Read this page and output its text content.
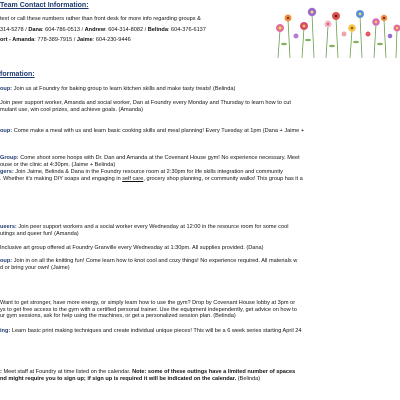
Team Contact Information:
text or call these numbers rather than front desk for more info regarding groups &
314-5278 / Dana: 604-786-0513 / Andrew: 604-314-8082 / Belinda: 604-376-6137
ort - Amanda: 778-389-7915 / Jaime: 604-230-9446
formation:
oup: Join us at Foundry for baking group to learn kitchen skills and make tasty treats! (Belinda)
Join peer support worker, Amanda and social worker, Dan at Foundry every Monday and Thursday to learn how to cut
mulant use, win cool prizes, and achieve goals. (Amanda)
oup: Come make a meal with us and learn basic cooking skills and meal planning! Every Tuesday at 1pm (Dana + Jaime +
Group: Come shoot some hoops with Dr. Dan and Amanda at the Covenant House gym! No experience necessary. Meet
ouse or the clinic at 4:30pm. (Jaime + Belinda)
gers: Join Jaime, Belinda & Dana in the Foundry resource room at 2:30pm for life skills integration and community
. Whether it's making DIY soaps and engaging in self care, grocery shop planning, or community walks! This group has it a
ueers: Join peer support workers and a social worker every Wednesday at 12:00 in the resource room for some cool
utings and queer fun! (Amanda)
Inclusive art group offered at Foundry Granville every Wednesday at 1:30pm. All supplies provided. (Dana)
oup: Join in on all the knitting fun! Come learn how to knot cool and cozy things! No experience required. All materials w
d or bring your own! (Jaime)
Want to get stronger, have more energy, or simply learn how to use the gym? Drop by Covenant House lobby at 3pm or
ys to get free access to the gym with a certified personal trainer. Use the equipment independently, get advice on how to
ur gym sessions, ask for help using the machines, or get a personalized session plan. (Belinda)
ing: Learn basic print making techniques and create individual unique pieces! This will be a 6 week series starting April 24
: Meet staff at Foundry at time listed on the calendar. Note: some of these outings have a limited number of spaces
nd might require you to sign up; if sign up is required it will be indicated on the calendar. (Belinda)
